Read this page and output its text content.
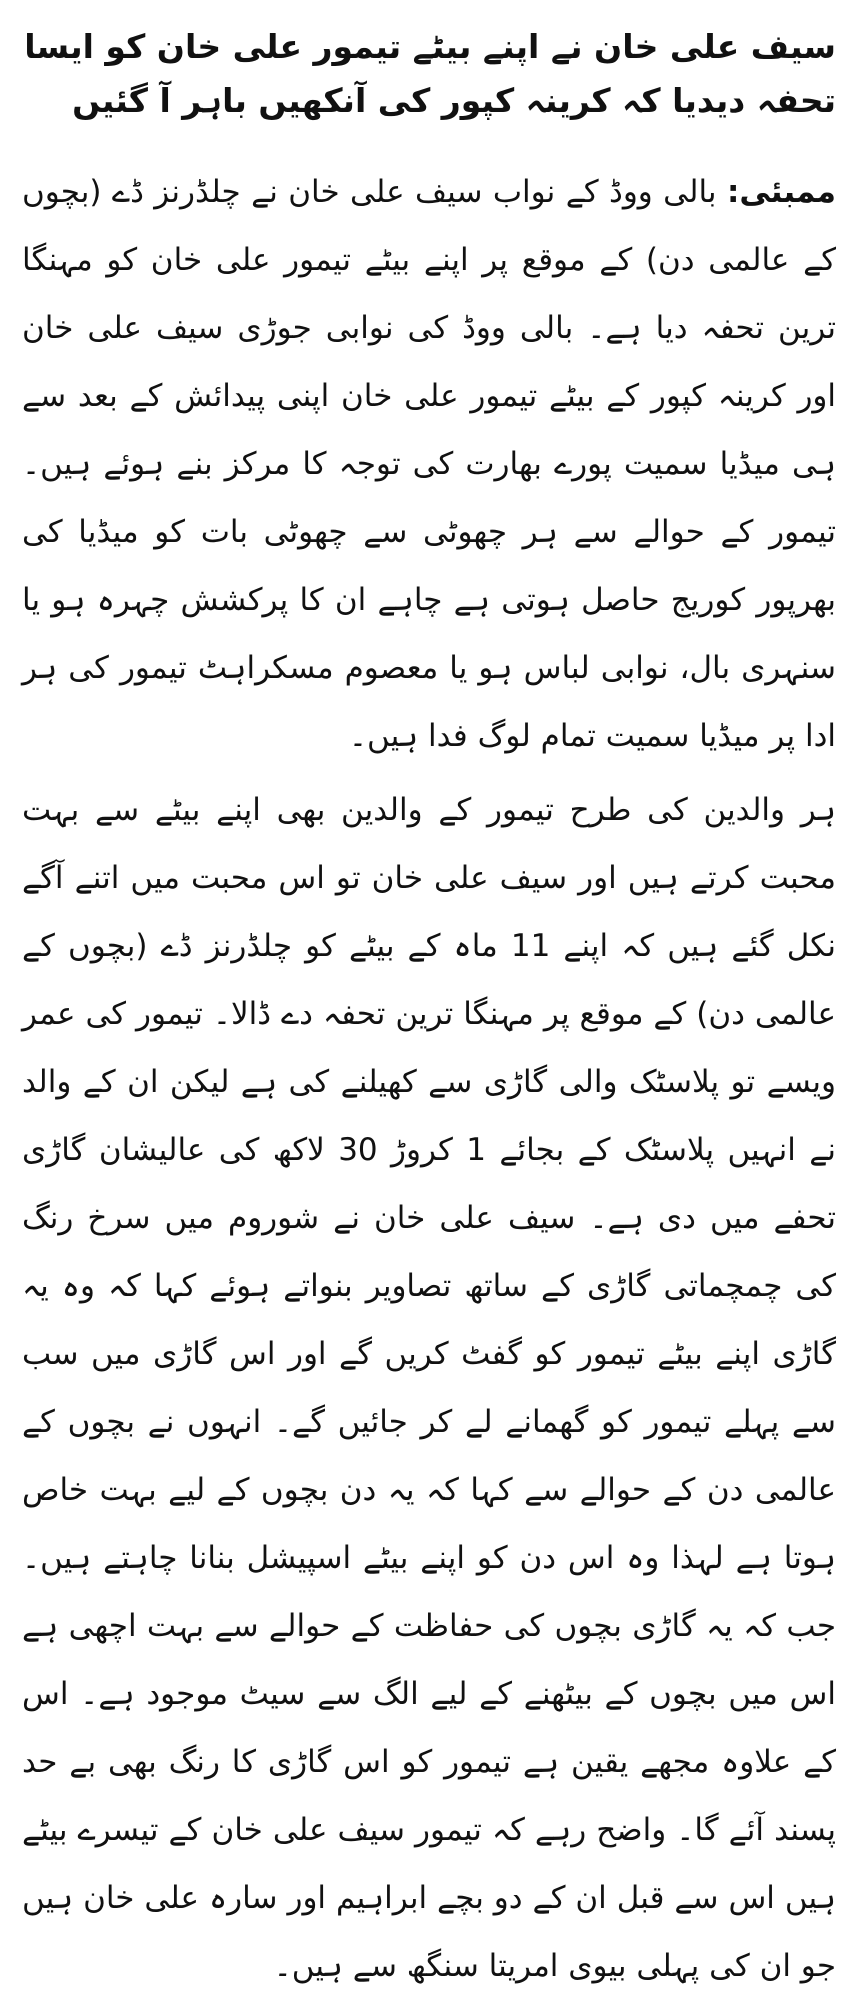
سیف علی خان نے اپنے بیٹے تیمور علی خان کو ایسا تحفہ دیدیا کہ کرینہ کپور کی آنکھیں باہر آ گئیں

ممبئی: بالی ووڈ کے نواب سیف علی خان نے چلڈرنز ڈے (بچوں کے عالمی دن) کے موقع پر اپنے بیٹے تیمور علی خان کو مہنگا ترین تحفہ دیا ہے۔ بالی ووڈ کی نوابی جوڑی سیف علی خان اور کرینہ کپور کے بیٹے تیمور علی خان اپنی پیدائش کے بعد سے ہی میڈیا سمیت پورے بھارت کی توجہ کا مرکز بنے ہوئے ہیں۔ تیمور کے حوالے سے ہر چھوٹی سے چھوٹی بات کو میڈیا کی بھرپور کوریج حاصل ہوتی ہے چاہے ان کا پرکشش چہرہ ہو یا سنہری بال، نوابی لباس ہو یا معصوم مسکراہٹ تیمور کی ہر ادا پر میڈیا سمیت تمام لوگ فدا ہیں۔

ہر والدین کی طرح تیمور کے والدین بھی اپنے بیٹے سے بہت محبت کرتے ہیں اور سیف علی خان تو اس محبت میں اتنے آگے نکل گئے ہیں کہ اپنے 11 ماہ کے بیٹے کو چلڈرنز ڈے (بچوں کے عالمی دن) کے موقع پر مہنگا ترین تحفہ دے ڈالا۔ تیمور کی عمر ویسے تو پلاسٹک والی گاڑی سے کھیلنے کی ہے لیکن ان کے والد نے انہیں پلاسٹک کے بجائے 1 کروڑ 30 لاکھ کی عالیشان گاڑی تحفے میں دی ہے۔ سیف علی خان نے شوروم میں سرخ رنگ کی چمچماتی گاڑی کے ساتھ تصاویر بنواتے ہوئے کہا کہ وہ یہ گاڑی اپنے بیٹے تیمور کو گفٹ کریں گے اور اس گاڑی میں سب سے پہلے تیمور کو گھمانے لے کر جائیں گے۔ انہوں نے بچوں کے عالمی دن کے حوالے سے کہا کہ یہ دن بچوں کے لیے بہت خاص ہوتا ہے لہذا وہ اس دن کو اپنے بیٹے اسپیشل بنانا چاہتے ہیں۔ جب کہ یہ گاڑی بچوں کی حفاظت کے حوالے سے بہت اچھی ہے اس میں بچوں کے بیٹھنے کے لیے الگ سے سیٹ موجود ہے۔ اس کے علاوہ مجھے یقین ہے تیمور کو اس گاڑی کا رنگ بھی بے حد پسند آئے گا۔ واضح رہے کہ تیمور سیف علی خان کے تیسرے بیٹے ہیں اس سے قبل ان کے دو بچے ابراہیم اور سارہ علی خان ہیں جو ان کی پہلی بیوی امریتا سنگھ سے ہیں۔
